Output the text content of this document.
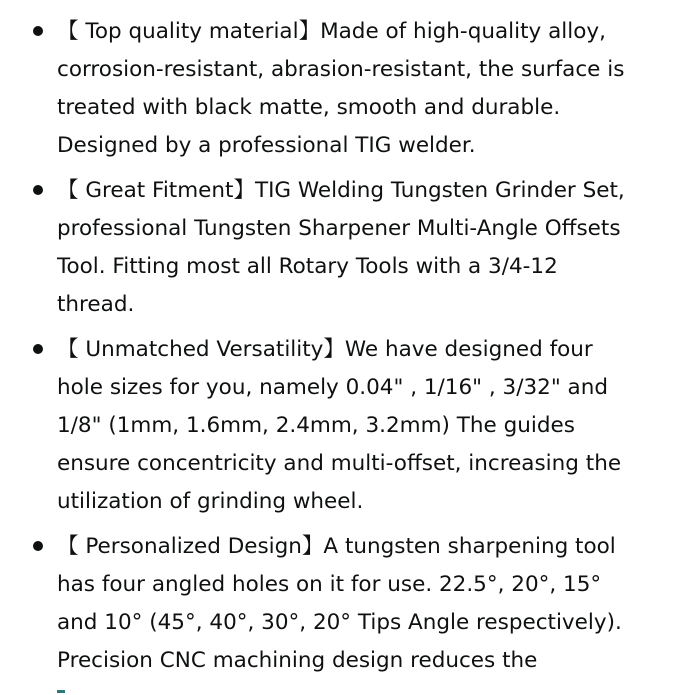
【 Top quality material】Made of high-quality alloy,
corrosion-resistant, abrasion-resistant, the surface is
treated with black matte, smooth and durable.
Designed by a professional TIG welder.
【 Great Fitment】TIG Welding Tungsten Grinder Set,
professional Tungsten Sharpener Multi-Angle Offsets
Tool. Fitting most all Rotary Tools with a 3/4-12
thread.
【 Unmatched Versatility】We have designed four
hole sizes for you, namely 0.04" , 1/16" , 3/32" and
1/8" (1mm, 1.6mm, 2.4mm, 3.2mm) The guides
ensure concentricity and multi-offset, increasing the
utilization of grinding wheel.
【 Personalized Design】A tungsten sharpening tool
has four angled holes on it for use. 22.5°, 20°, 15°
and 10° (45°, 40°, 30°, 20° Tips Angle respectively).
Precision CNC machining design reduces the
